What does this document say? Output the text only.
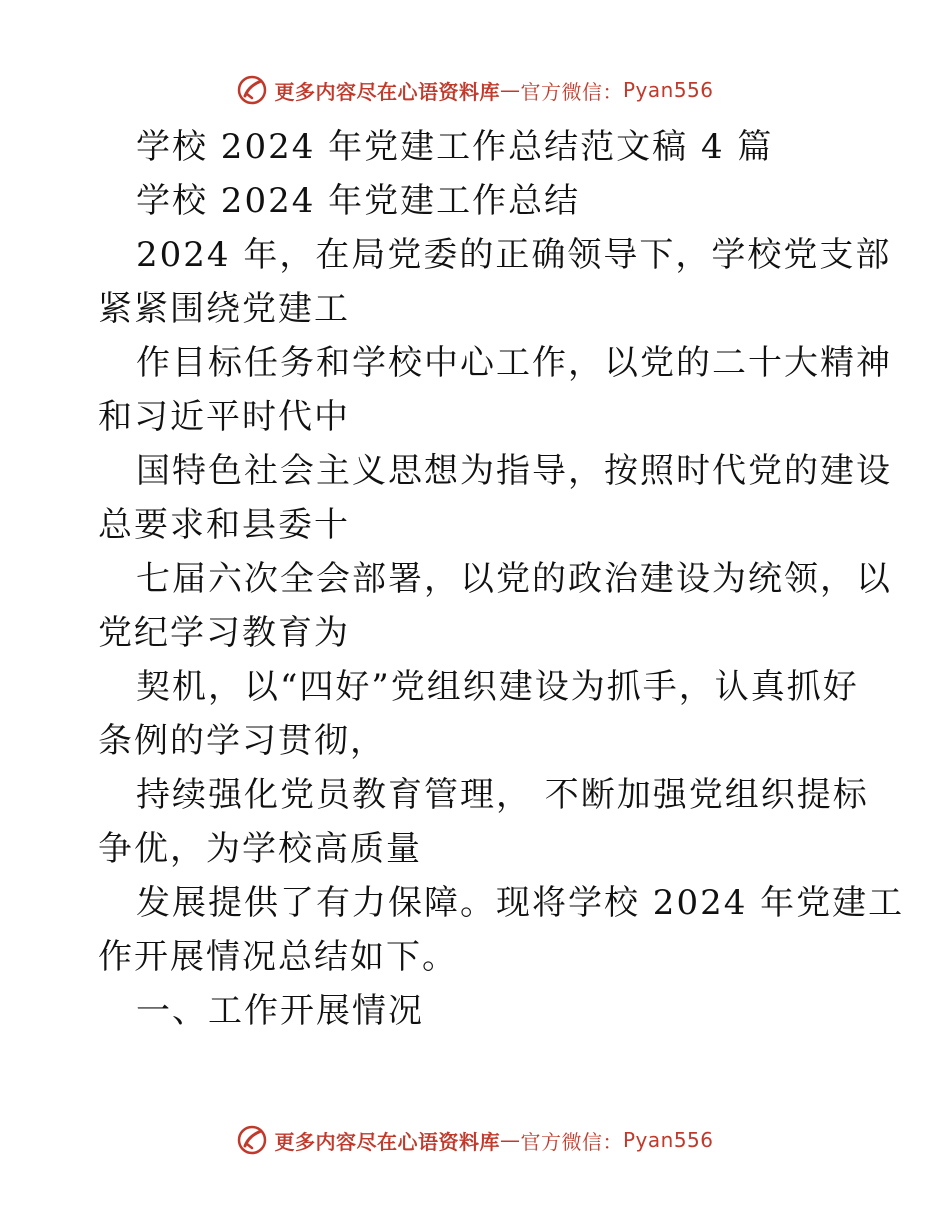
更多内容尽在心语资料库 — 官方微信： Pyan556
学校 2024 年党建工作总结范文稿 4 篇
学校 2024 年党建工作总结
2024 年，在局党委的正确领导下，学校党支部
紧紧围绕党建工
作目标任务和学校中心工作，以党的二十大精神
和习近平时代中
国特色社会主义思想为指导，按照时代党的建设
总要求和县委十
七届六次全会部署，以党的政治建设为统领，以
党纪学习教育为
契机，以“四好”党组织建设为抓手，认真抓好
条例的学习贯彻，
持续强化党员教育管理， 不断加强党组织提标
争优，为学校高质量
发展提供了有力保障。现将学校 2024 年党建工
作开展情况总结如下。
一、工作开展情况
更多内容尽在心语资料库 — 官方微信： Pyan556
